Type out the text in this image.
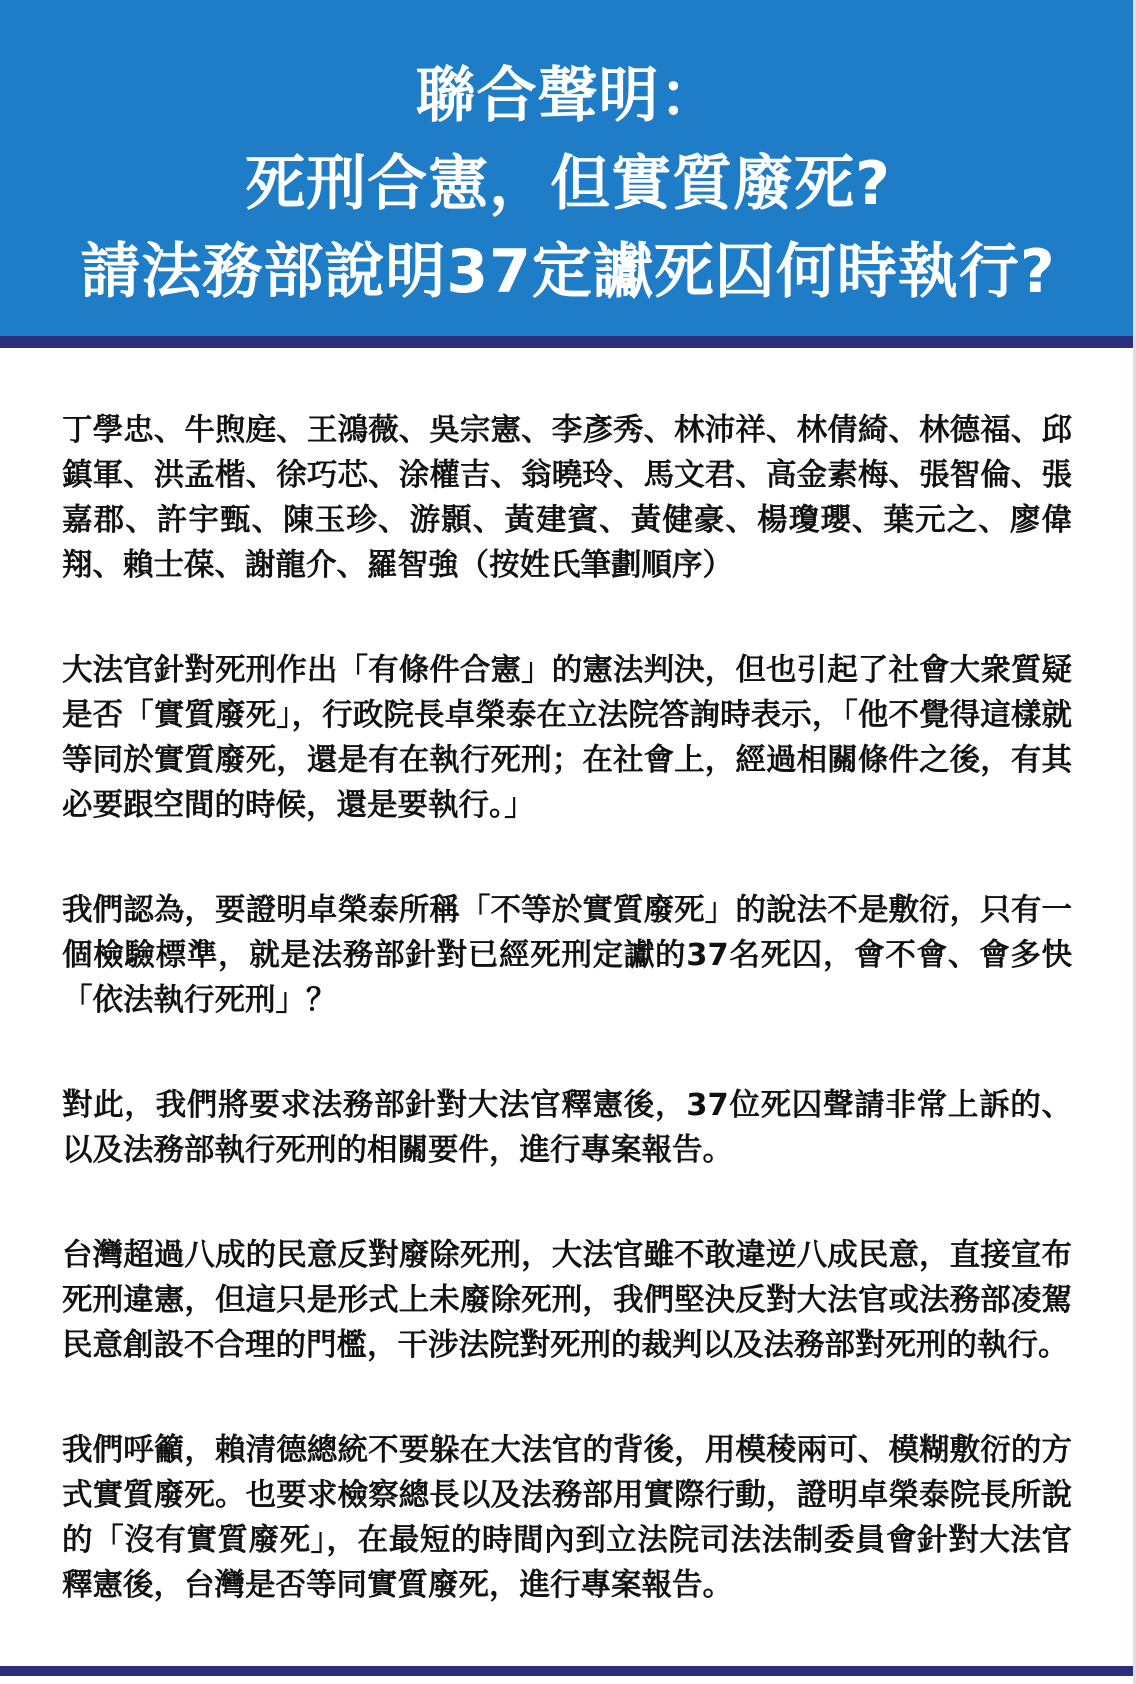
聯合聲明：
死刑合憲，但實質廢死?
請法務部說明37定讞死囚何時執行?

丁學忠、牛煦庭、王鴻薇、吳宗憲、李彥秀、林沛祥、林倩綺、林德福、邱鎮軍、洪孟楷、徐巧芯、涂權吉、翁曉玲、馬文君、高金素梅、張智倫、張嘉郡、許宇甄、陳玉珍、游顥、黃建賓、黃健豪、楊瓊瓔、葉元之、廖偉翔、賴士葆、謝龍介、羅智強（按姓氏筆劃順序）

大法官針對死刑作出「有條件合憲」的憲法判決，但也引起了社會大衆質疑是否「實質廢死」，行政院長卓榮泰在立法院答詢時表示，「他不覺得這樣就等同於實質廢死，還是有在執行死刑；在社會上，經過相關條件之後，有其必要跟空間的時候，還是要執行。」

我們認為，要證明卓榮泰所稱「不等於實質廢死」的說法不是敷衍，只有一個檢驗標準，就是法務部針對已經死刑定讞的37名死囚，會不會、會多快「依法執行死刑」？

對此，我們將要求法務部針對大法官釋憲後，37位死囚聲請非常上訴的、以及法務部執行死刑的相關要件，進行專案報告。

台灣超過八成的民意反對廢除死刑，大法官雖不敢違逆八成民意，直接宣布死刑違憲，但這只是形式上未廢除死刑，我們堅決反對大法官或法務部凌駕民意創設不合理的門檻，干涉法院對死刑的裁判以及法務部對死刑的執行。

我們呼籲，賴清德總統不要躲在大法官的背後，用模稜兩可、模糊敷衍的方式實質廢死。也要求檢察總長以及法務部用實際行動，證明卓榮泰院長所說的「沒有實質廢死」，在最短的時間內到立法院司法法制委員會針對大法官釋憲後，台灣是否等同實質廢死，進行專案報告。
